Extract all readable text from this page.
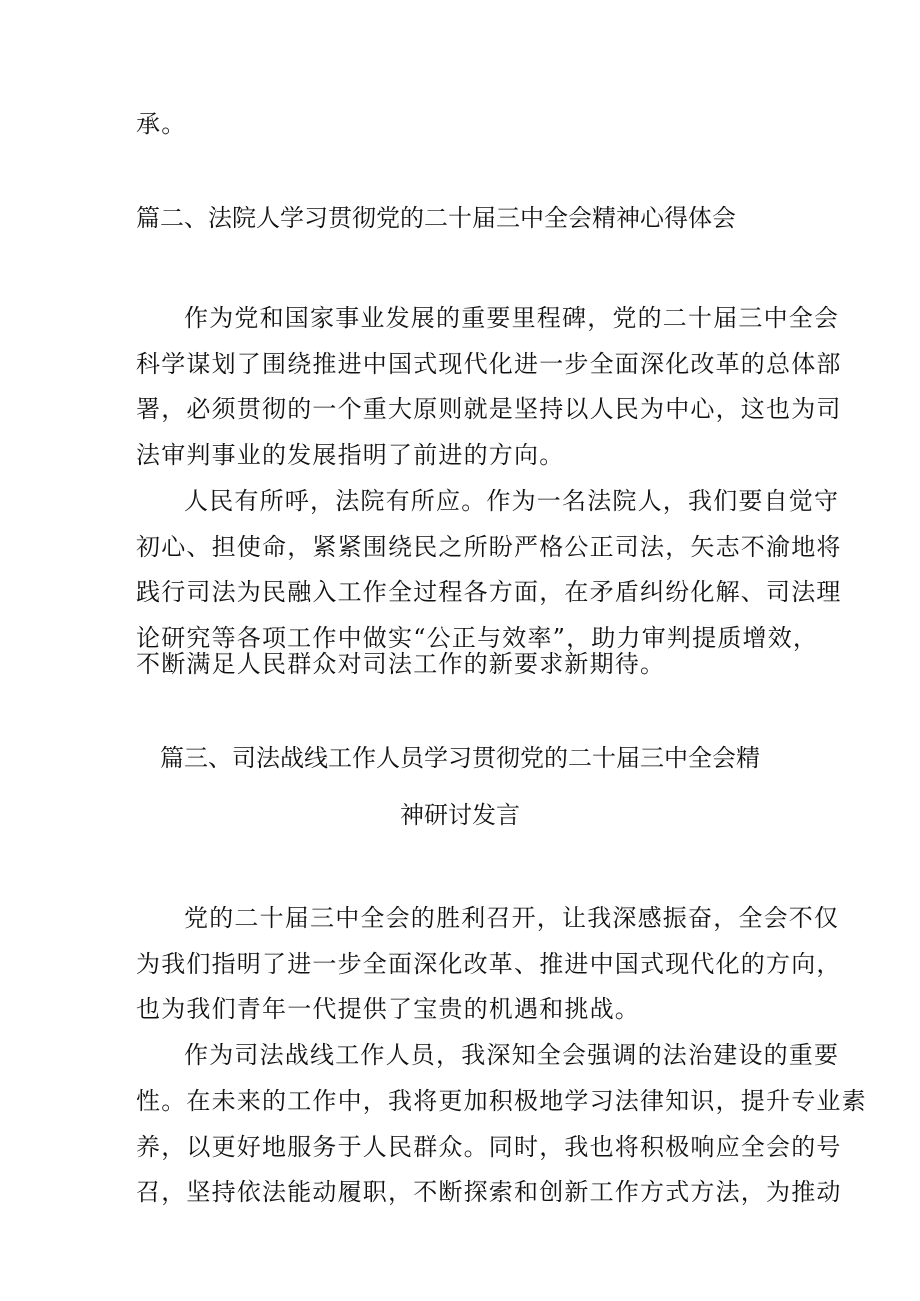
承。
篇二、法院人学习贯彻党的二十届三中全会精神心得体会
作为党和国家事业发展的重要里程碑，党的二十届三中全会
科学谋划了围绕推进中国式现代化进一步全面深化改革的总体部
署，必须贯彻的一个重大原则就是坚持以人民为中心，这也为司
法审判事业的发展指明了前进的方向。
人民有所呼，法院有所应。作为一名法院人，我们要自觉守
初心、担使命，紧紧围绕民之所盼严格公正司法，矢志不渝地将
践行司法为民融入工作全过程各方面，在矛盾纠纷化解、司法理
论研究等各项工作中做实“公正与效率”，助力审判提质增效，
不断满足人民群众对司法工作的新要求新期待。
篇三、司法战线工作人员学习贯彻党的二十届三中全会精
神研讨发言
党的二十届三中全会的胜利召开，让我深感振奋，全会不仅
为我们指明了进一步全面深化改革、推进中国式现代化的方向，
也为我们青年一代提供了宝贵的机遇和挑战。
作为司法战线工作人员，我深知全会强调的法治建设的重要
性。在未来的工作中，我将更加积极地学习法律知识，提升专业素
养，以更好地服务于人民群众。同时，我也将积极响应全会的号
召，坚持依法能动履职，不断探索和创新工作方式方法，为推动
